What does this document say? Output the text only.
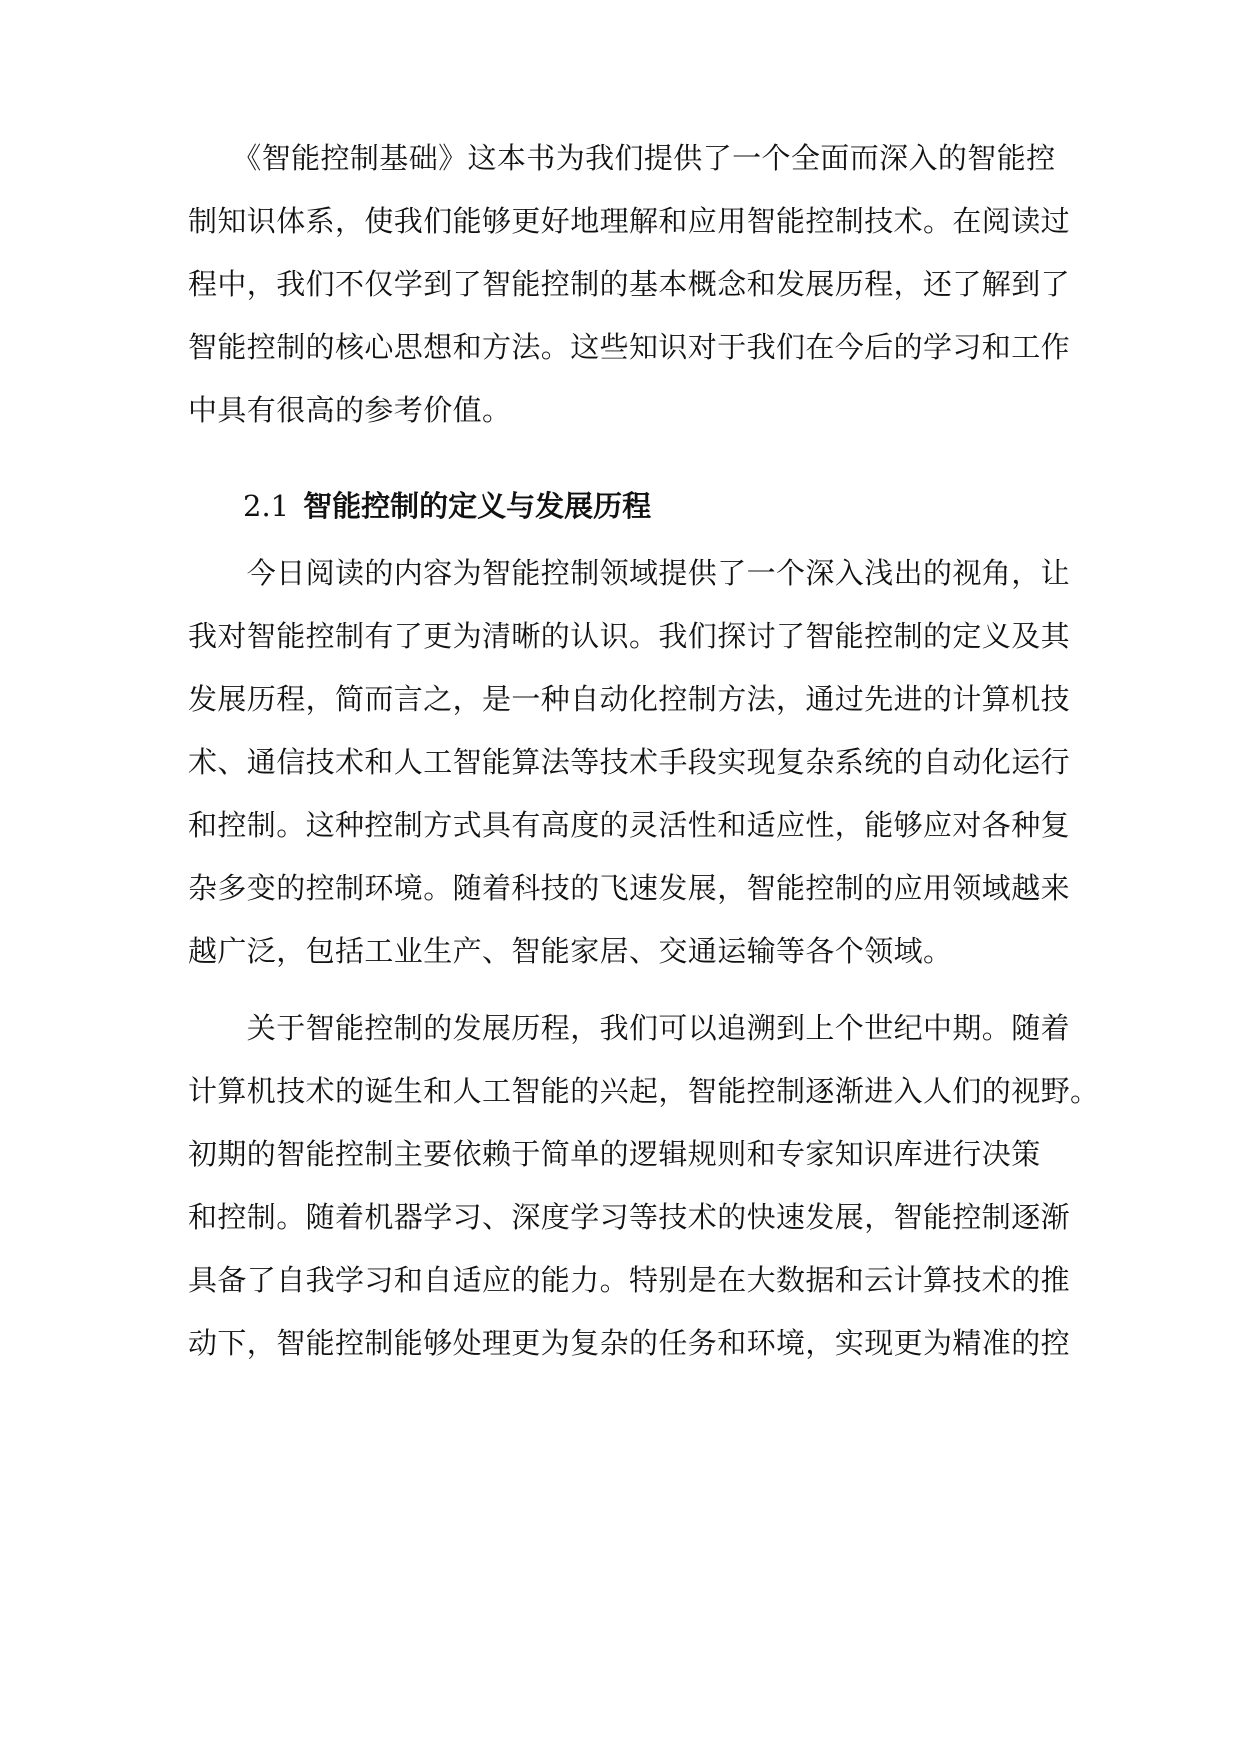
　　《智能控制基础》这本书为我们提供了一个全面而深入的智能控
制知识体系，使我们能够更好地理解和应用智能控制技术。在阅读过
程中，我们不仅学到了智能控制的基本概念和发展历程，还了解到了
智能控制的核心思想和方法。这些知识对于我们在今后的学习和工作
中具有很高的参考价值。
2.1 智能控制的定义与发展历程
　　今日阅读的内容为智能控制领域提供了一个深入浅出的视角，让
我对智能控制有了更为清晰的认识。我们探讨了智能控制的定义及其
发展历程，简而言之，是一种自动化控制方法，通过先进的计算机技
术、通信技术和人工智能算法等技术手段实现复杂系统的自动化运行
和控制。这种控制方式具有高度的灵活性和适应性，能够应对各种复
杂多变的控制环境。随着科技的飞速发展，智能控制的应用领域越来
越广泛，包括工业生产、智能家居、交通运输等各个领域。
　　关于智能控制的发展历程，我们可以追溯到上个世纪中期。随着
计算机技术的诞生和人工智能的兴起，智能控制逐渐进入人们的视野。
初期的智能控制主要依赖于简单的逻辑规则和专家知识库进行决策
和控制。随着机器学习、深度学习等技术的快速发展，智能控制逐渐
具备了自我学习和自适应的能力。特别是在大数据和云计算技术的推
动下，智能控制能够处理更为复杂的任务和环境，实现更为精准的控
